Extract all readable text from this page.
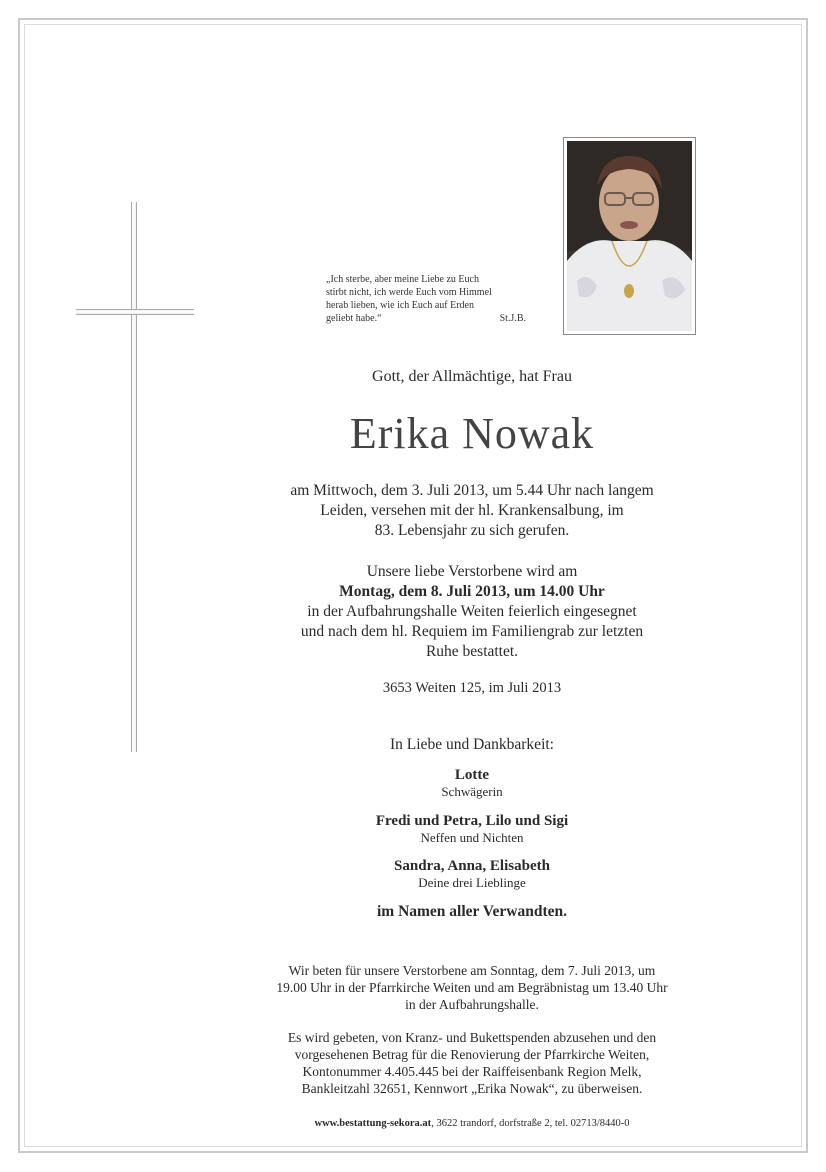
„Ich sterbe, aber meine Liebe zu Euch
stirbt nicht, ich werde Euch vom Himmel
herab lieben, wie ich Euch auf Erden
geliebt habe.“	St.J.B.
Gott, der Allmächtige, hat Frau
Erika Nowak
am Mittwoch, dem 3. Juli 2013, um 5.44 Uhr nach langem
Leiden, versehen mit der hl. Krankensalbung, im
83. Lebensjahr zu sich gerufen.
Unsere liebe Verstorbene wird am
Montag, dem 8. Juli 2013, um 14.00 Uhr
in der Aufbahrungshalle Weiten feierlich eingesegnet
und nach dem hl. Requiem im Familiengrab zur letzten
Ruhe bestattet.
3653 Weiten 125, im Juli 2013
In Liebe und Dankbarkeit:
Lotte
Schwägerin
Fredi und Petra, Lilo und Sigi
Neffen und Nichten
Sandra, Anna, Elisabeth
Deine drei Lieblinge
im Namen aller Verwandten.
Wir beten für unsere Verstorbene am Sonntag, dem 7. Juli 2013, um
19.00 Uhr in der Pfarrkirche Weiten und am Begräbnistag um 13.40 Uhr
in der Aufbahrungshalle.
Es wird gebeten, von Kranz- und Bukettspenden abzusehen und den
vorgesehenen Betrag für die Renovierung der Pfarrkirche Weiten,
Kontonummer 4.405.445 bei der Raiffeisenbank Region Melk,
Bankleitzahl 32651, Kennwort „Erika Nowak“, zu überweisen.
www.bestattung-sekora.at, 3622 trandorf, dorfstraße 2, tel. 02713/8440-0
